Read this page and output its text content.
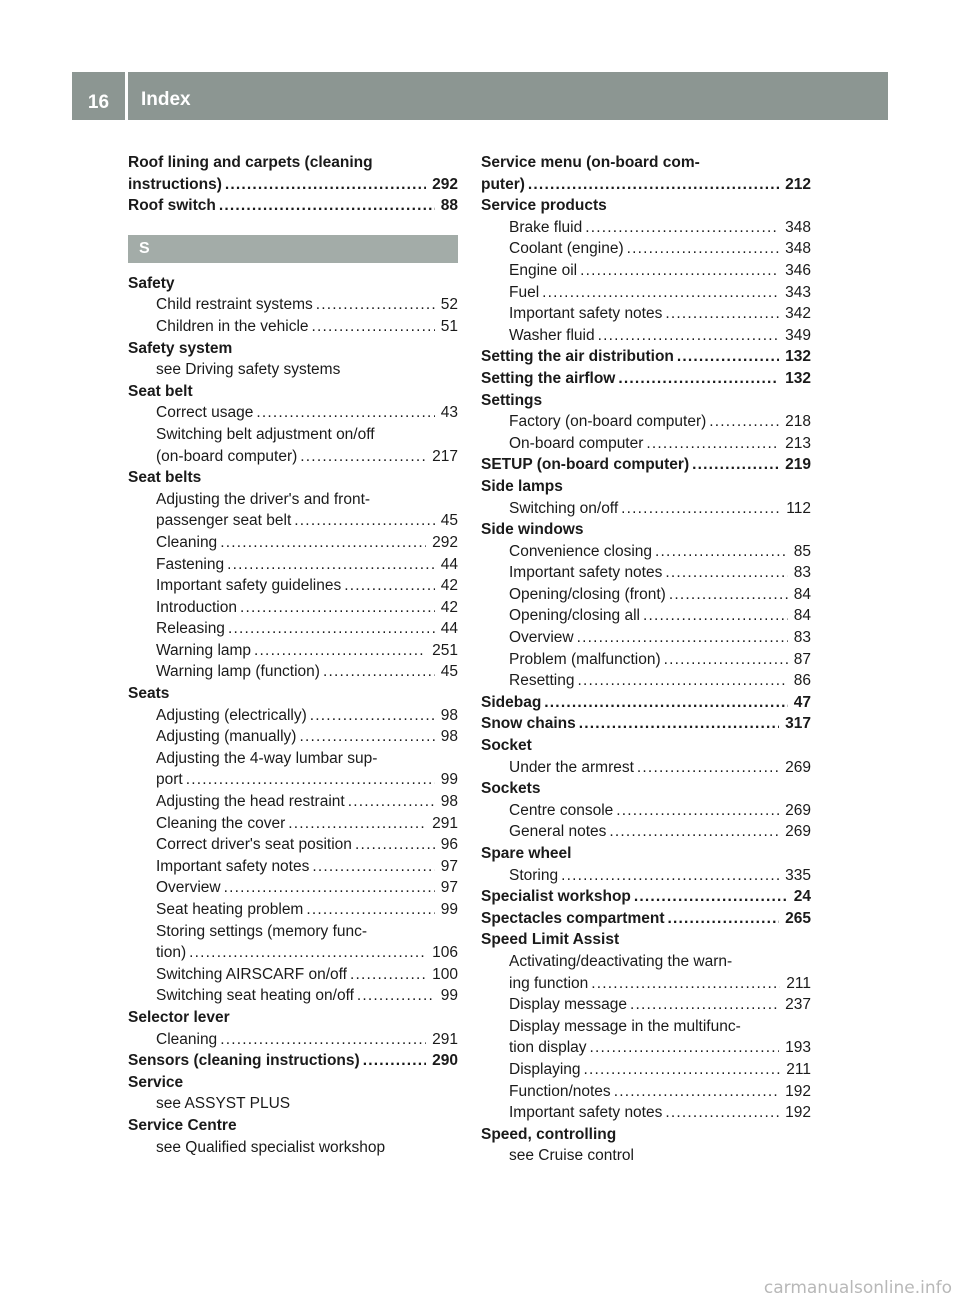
16	Index
Roof lining and carpets (cleaning
instructions) .....	292
Roof switch .....	88
S
Safety
Child restraint systems .....	52
Children in the vehicle .....	51
Safety system
see Driving safety systems
Seat belt
Correct usage .....	43
Switching belt adjustment on/off
(on-board computer) .....	217
Seat belts
Adjusting the driver's and front-
passenger seat belt .....	45
Cleaning .....	292
Fastening .....	44
Important safety guidelines .....	42
Introduction .....	42
Releasing .....	44
Warning lamp .....	251
Warning lamp (function) .....	45
Seats
Adjusting (electrically) .....	98
Adjusting (manually) .....	98
Adjusting the 4-way lumbar sup-
port .....	99
Adjusting the head restraint .....	98
Cleaning the cover .....	291
Correct driver's seat position .....	96
Important safety notes .....	97
Overview .....	97
Seat heating problem .....	99
Storing settings (memory func-
tion) .....	106
Switching AIRSCARF on/off .....	100
Switching seat heating on/off .....	99
Selector lever
Cleaning .....	291
Sensors (cleaning instructions) .....	290
Service
see ASSYST PLUS
Service Centre
see Qualified specialist workshop
Service menu (on-board com-
puter) .....	212
Service products
Brake fluid .....	348
Coolant (engine) .....	348
Engine oil .....	346
Fuel .....	343
Important safety notes .....	342
Washer fluid .....	349
Setting the air distribution .....	132
Setting the airflow .....	132
Settings
Factory (on-board computer) .....	218
On-board computer .....	213
SETUP (on-board computer) .....	219
Side lamps
Switching on/off .....	112
Side windows
Convenience closing .....	85
Important safety notes .....	83
Opening/closing (front) .....	84
Opening/closing all .....	84
Overview .....	83
Problem (malfunction) .....	87
Resetting .....	86
Sidebag .....	47
Snow chains .....	317
Socket
Under the armrest .....	269
Sockets
Centre console .....	269
General notes .....	269
Spare wheel
Storing .....	335
Specialist workshop .....	24
Spectacles compartment .....	265
Speed Limit Assist
Activating/deactivating the warn-
ing function .....	211
Display message .....	237
Display message in the multifunc-
tion display .....	193
Displaying .....	211
Function/notes .....	192
Important safety notes .....	192
Speed, controlling
see Cruise control
carmanualsonline.info
